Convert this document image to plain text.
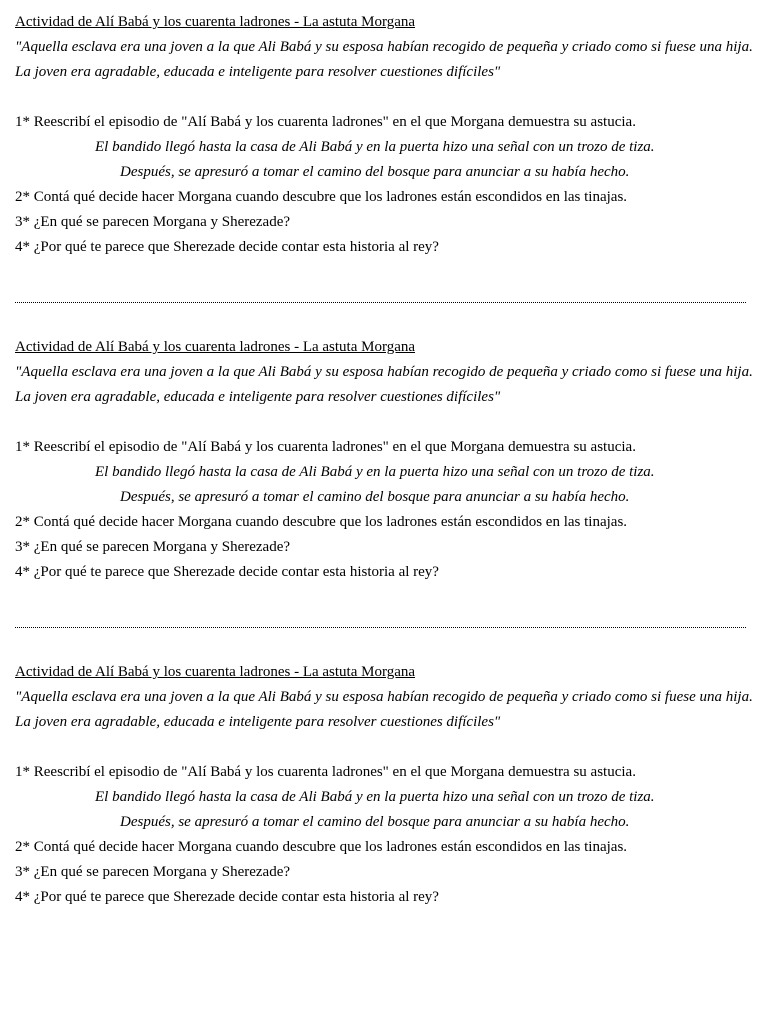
Actividad de Alí Babá y los cuarenta ladrones - La astuta Morgana
"Aquella esclava era una joven a la que Ali Babá y su esposa habían recogido de pequeña y criado como si fuese una hija. La joven era agradable, educada e inteligente para resolver cuestiones difíciles"
1* Reescribí el episodio de "Alí Babá y los cuarenta ladrones" en el que Morgana demuestra su astucia.
El bandido llegó hasta la casa de Ali Babá y en la puerta hizo una señal con un trozo de tiza.
Después, se apresuró a tomar el camino del bosque para anunciar a su había hecho.
2* Contá qué decide hacer Morgana cuando descubre que los ladrones están escondidos en las tinajas.
3* ¿En qué se parecen Morgana y Sherezade?
4* ¿Por qué te parece que Sherezade decide contar esta historia al rey?
Actividad de Alí Babá y los cuarenta ladrones - La astuta Morgana
"Aquella esclava era una joven a la que Ali Babá y su esposa habían recogido de pequeña y criado como si fuese una hija. La joven era agradable, educada e inteligente para resolver cuestiones difíciles"
1* Reescribí el episodio de "Alí Babá y los cuarenta ladrones" en el que Morgana demuestra su astucia.
El bandido llegó hasta la casa de Ali Babá y en la puerta hizo una señal con un trozo de tiza.
Después, se apresuró a tomar el camino del bosque para anunciar a su había hecho.
2* Contá qué decide hacer Morgana cuando descubre que los ladrones están escondidos en las tinajas.
3* ¿En qué se parecen Morgana y Sherezade?
4* ¿Por qué te parece que Sherezade decide contar esta historia al rey?
Actividad de Alí Babá y los cuarenta ladrones - La astuta Morgana
"Aquella esclava era una joven a la que Ali Babá y su esposa habían recogido de pequeña y criado como si fuese una hija. La joven era agradable, educada e inteligente para resolver cuestiones difíciles"
1* Reescribí el episodio de "Alí Babá y los cuarenta ladrones" en el que Morgana demuestra su astucia.
El bandido llegó hasta la casa de Ali Babá y en la puerta hizo una señal con un trozo de tiza.
Después, se apresuró a tomar el camino del bosque para anunciar a su había hecho.
2* Contá qué decide hacer Morgana cuando descubre que los ladrones están escondidos en las tinajas.
3* ¿En qué se parecen Morgana y Sherezade?
4* ¿Por qué te parece que Sherezade decide contar esta historia al rey?
